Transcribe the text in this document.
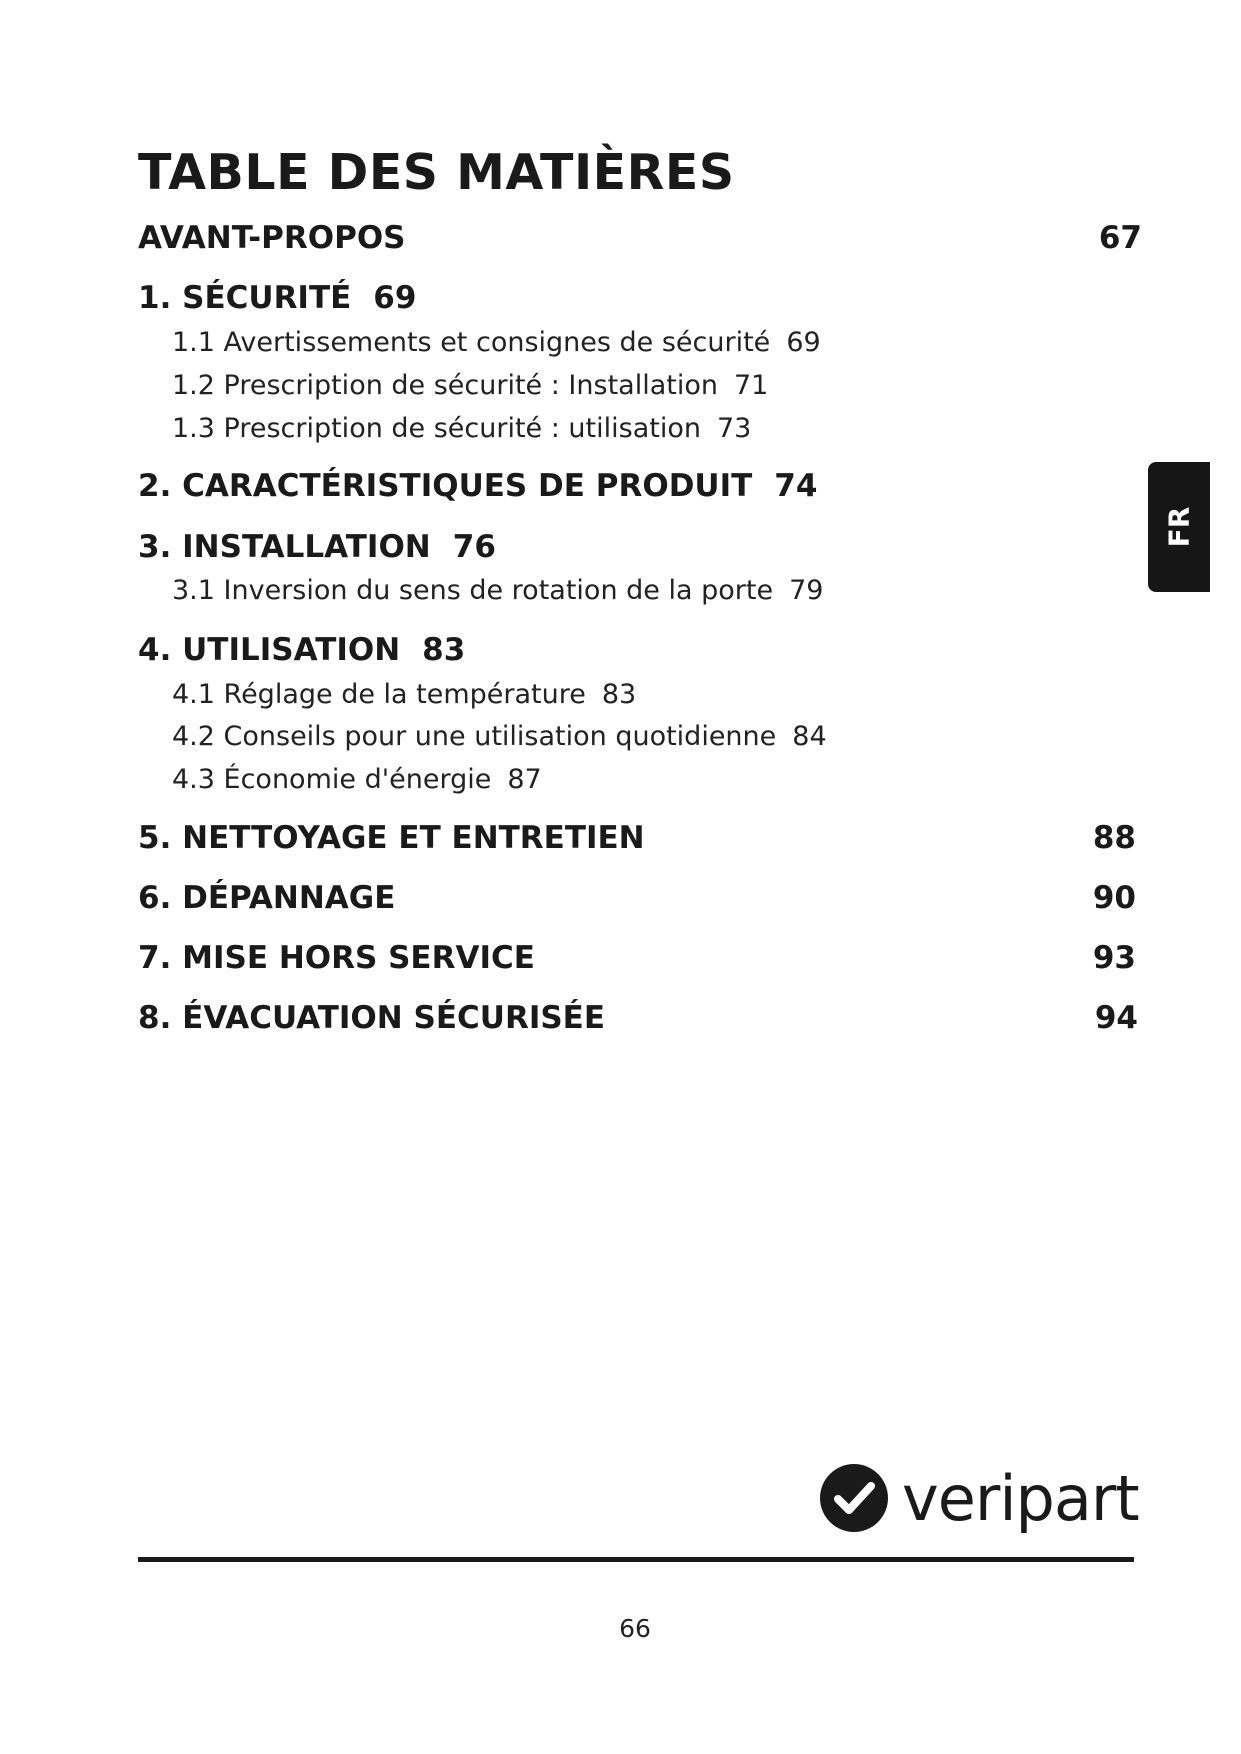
TABLE DES MATIÈRES
AVANT-PROPOS	67
1. SÉCURITÉ 69
1.1 Avertissements et consignes de sécurité 69
1.2 Prescription de sécurité : Installation 71
1.3 Prescription de sécurité : utilisation 73
2. CARACTÉRISTIQUES DE PRODUIT 74
3. INSTALLATION 76
3.1 Inversion du sens de rotation de la porte 79
4. UTILISATION 83
4.1 Réglage de la température 83
4.2 Conseils pour une utilisation quotidienne 84
4.3 Économie d'énergie 87
5. NETTOYAGE ET ENTRETIEN	88
6. DÉPANNAGE	90
7. MISE HORS SERVICE	93
8. ÉVACUATION SÉCURISÉE	94
FR
veripart
66
